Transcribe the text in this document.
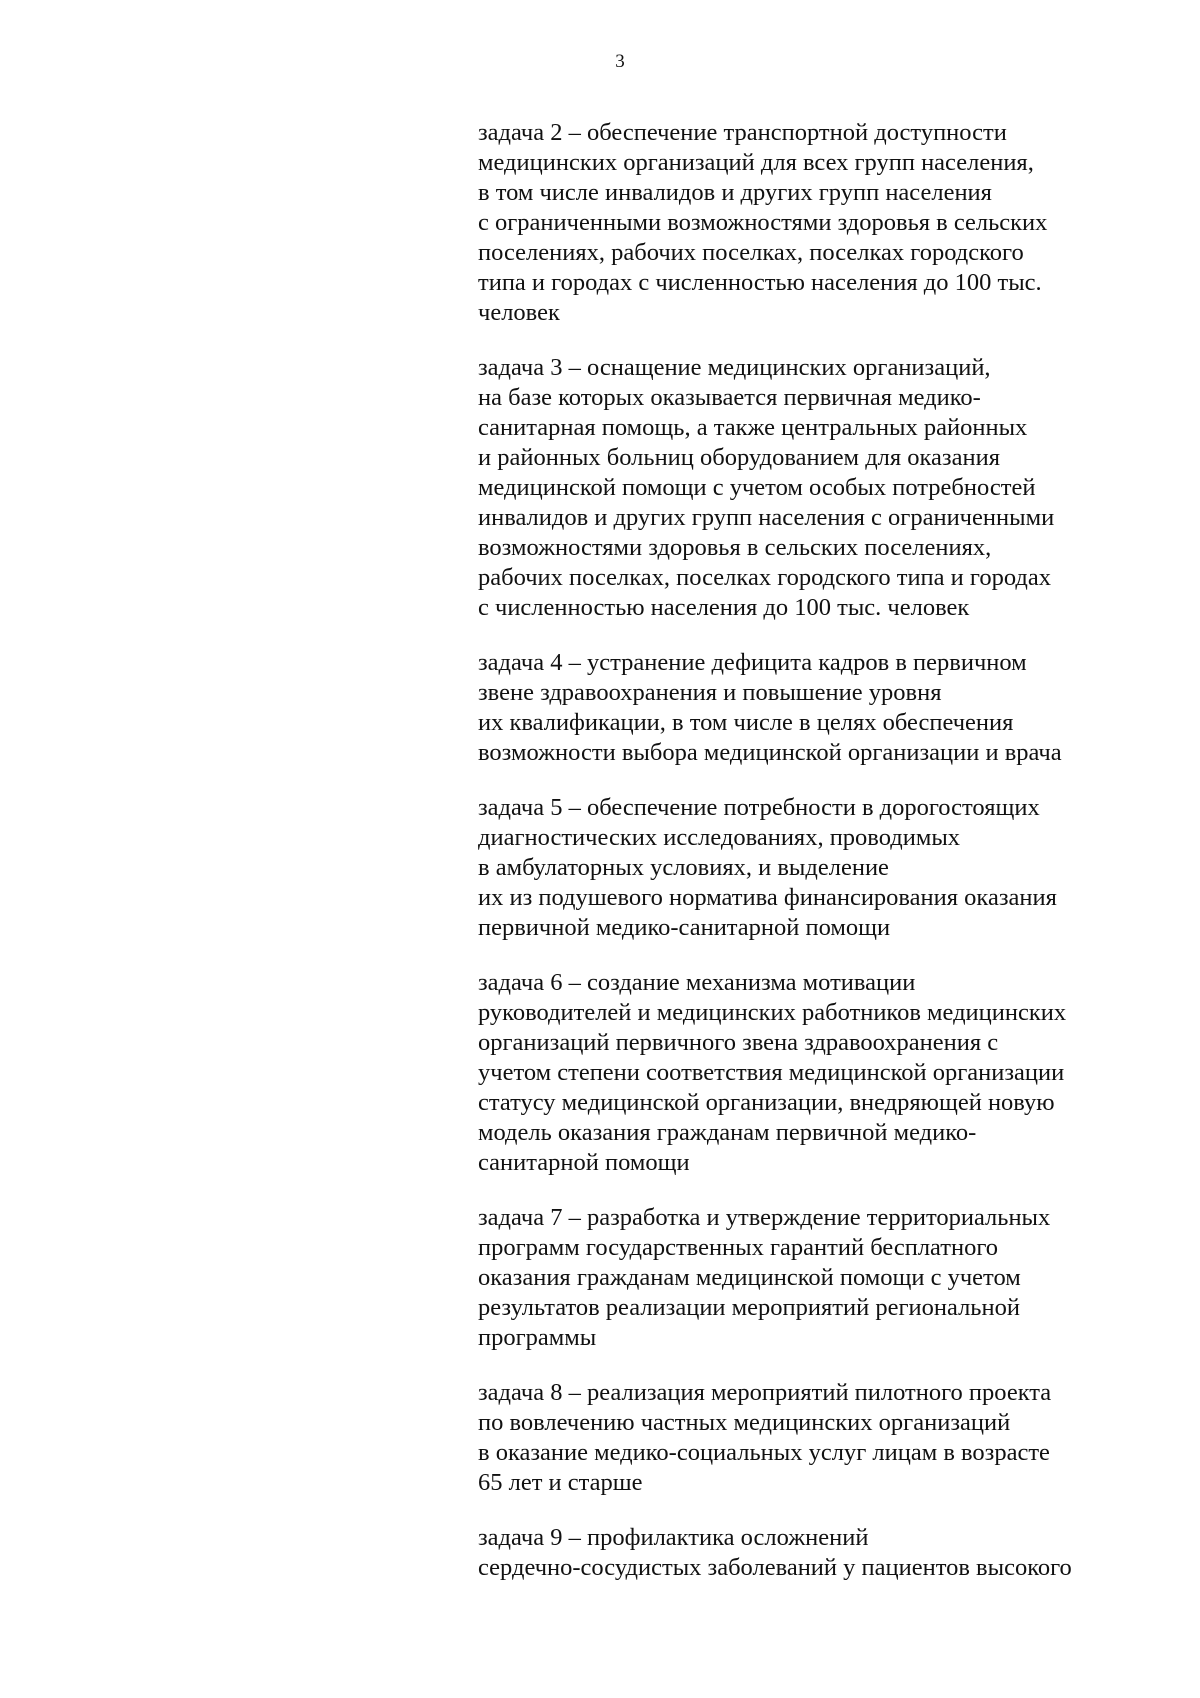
3
задача 2 – обеспечение транспортной доступности
медицинских организаций для всех групп населения,
в том числе инвалидов и других групп населения
с ограниченными возможностями здоровья в сельских
поселениях, рабочих поселках, поселках городского
типа и городах с численностью населения до 100 тыс.
человек
задача 3 – оснащение медицинских организаций,
на базе которых оказывается первичная медико-
санитарная помощь, а также центральных районных
и районных больниц оборудованием для оказания
медицинской помощи с учетом особых потребностей
инвалидов и других групп населения с ограниченными
возможностями здоровья в сельских поселениях,
рабочих поселках, поселках городского типа и городах
с численностью населения до 100 тыс. человек
задача 4 – устранение дефицита кадров в первичном
звене здравоохранения и повышение уровня
их квалификации, в том числе в целях обеспечения
возможности выбора медицинской организации и врача
задача 5 – обеспечение потребности в дорогостоящих
диагностических исследованиях, проводимых
в амбулаторных условиях, и выделение
их из подушевого норматива финансирования оказания
первичной медико-санитарной помощи
задача 6 – создание механизма мотивации
руководителей и медицинских работников медицинских
организаций первичного звена здравоохранения с
учетом степени соответствия медицинской организации
статусу медицинской организации, внедряющей новую
модель оказания гражданам первичной медико-
санитарной помощи
задача 7 – разработка и утверждение территориальных
программ государственных гарантий бесплатного
оказания гражданам медицинской помощи с учетом
результатов реализации мероприятий региональной
программы
задача 8 – реализация мероприятий пилотного проекта
по вовлечению частных медицинских организаций
в оказание медико-социальных услуг лицам в возрасте
65 лет и старше
задача 9 – профилактика осложнений
сердечно-сосудистых заболеваний у пациентов высокого
